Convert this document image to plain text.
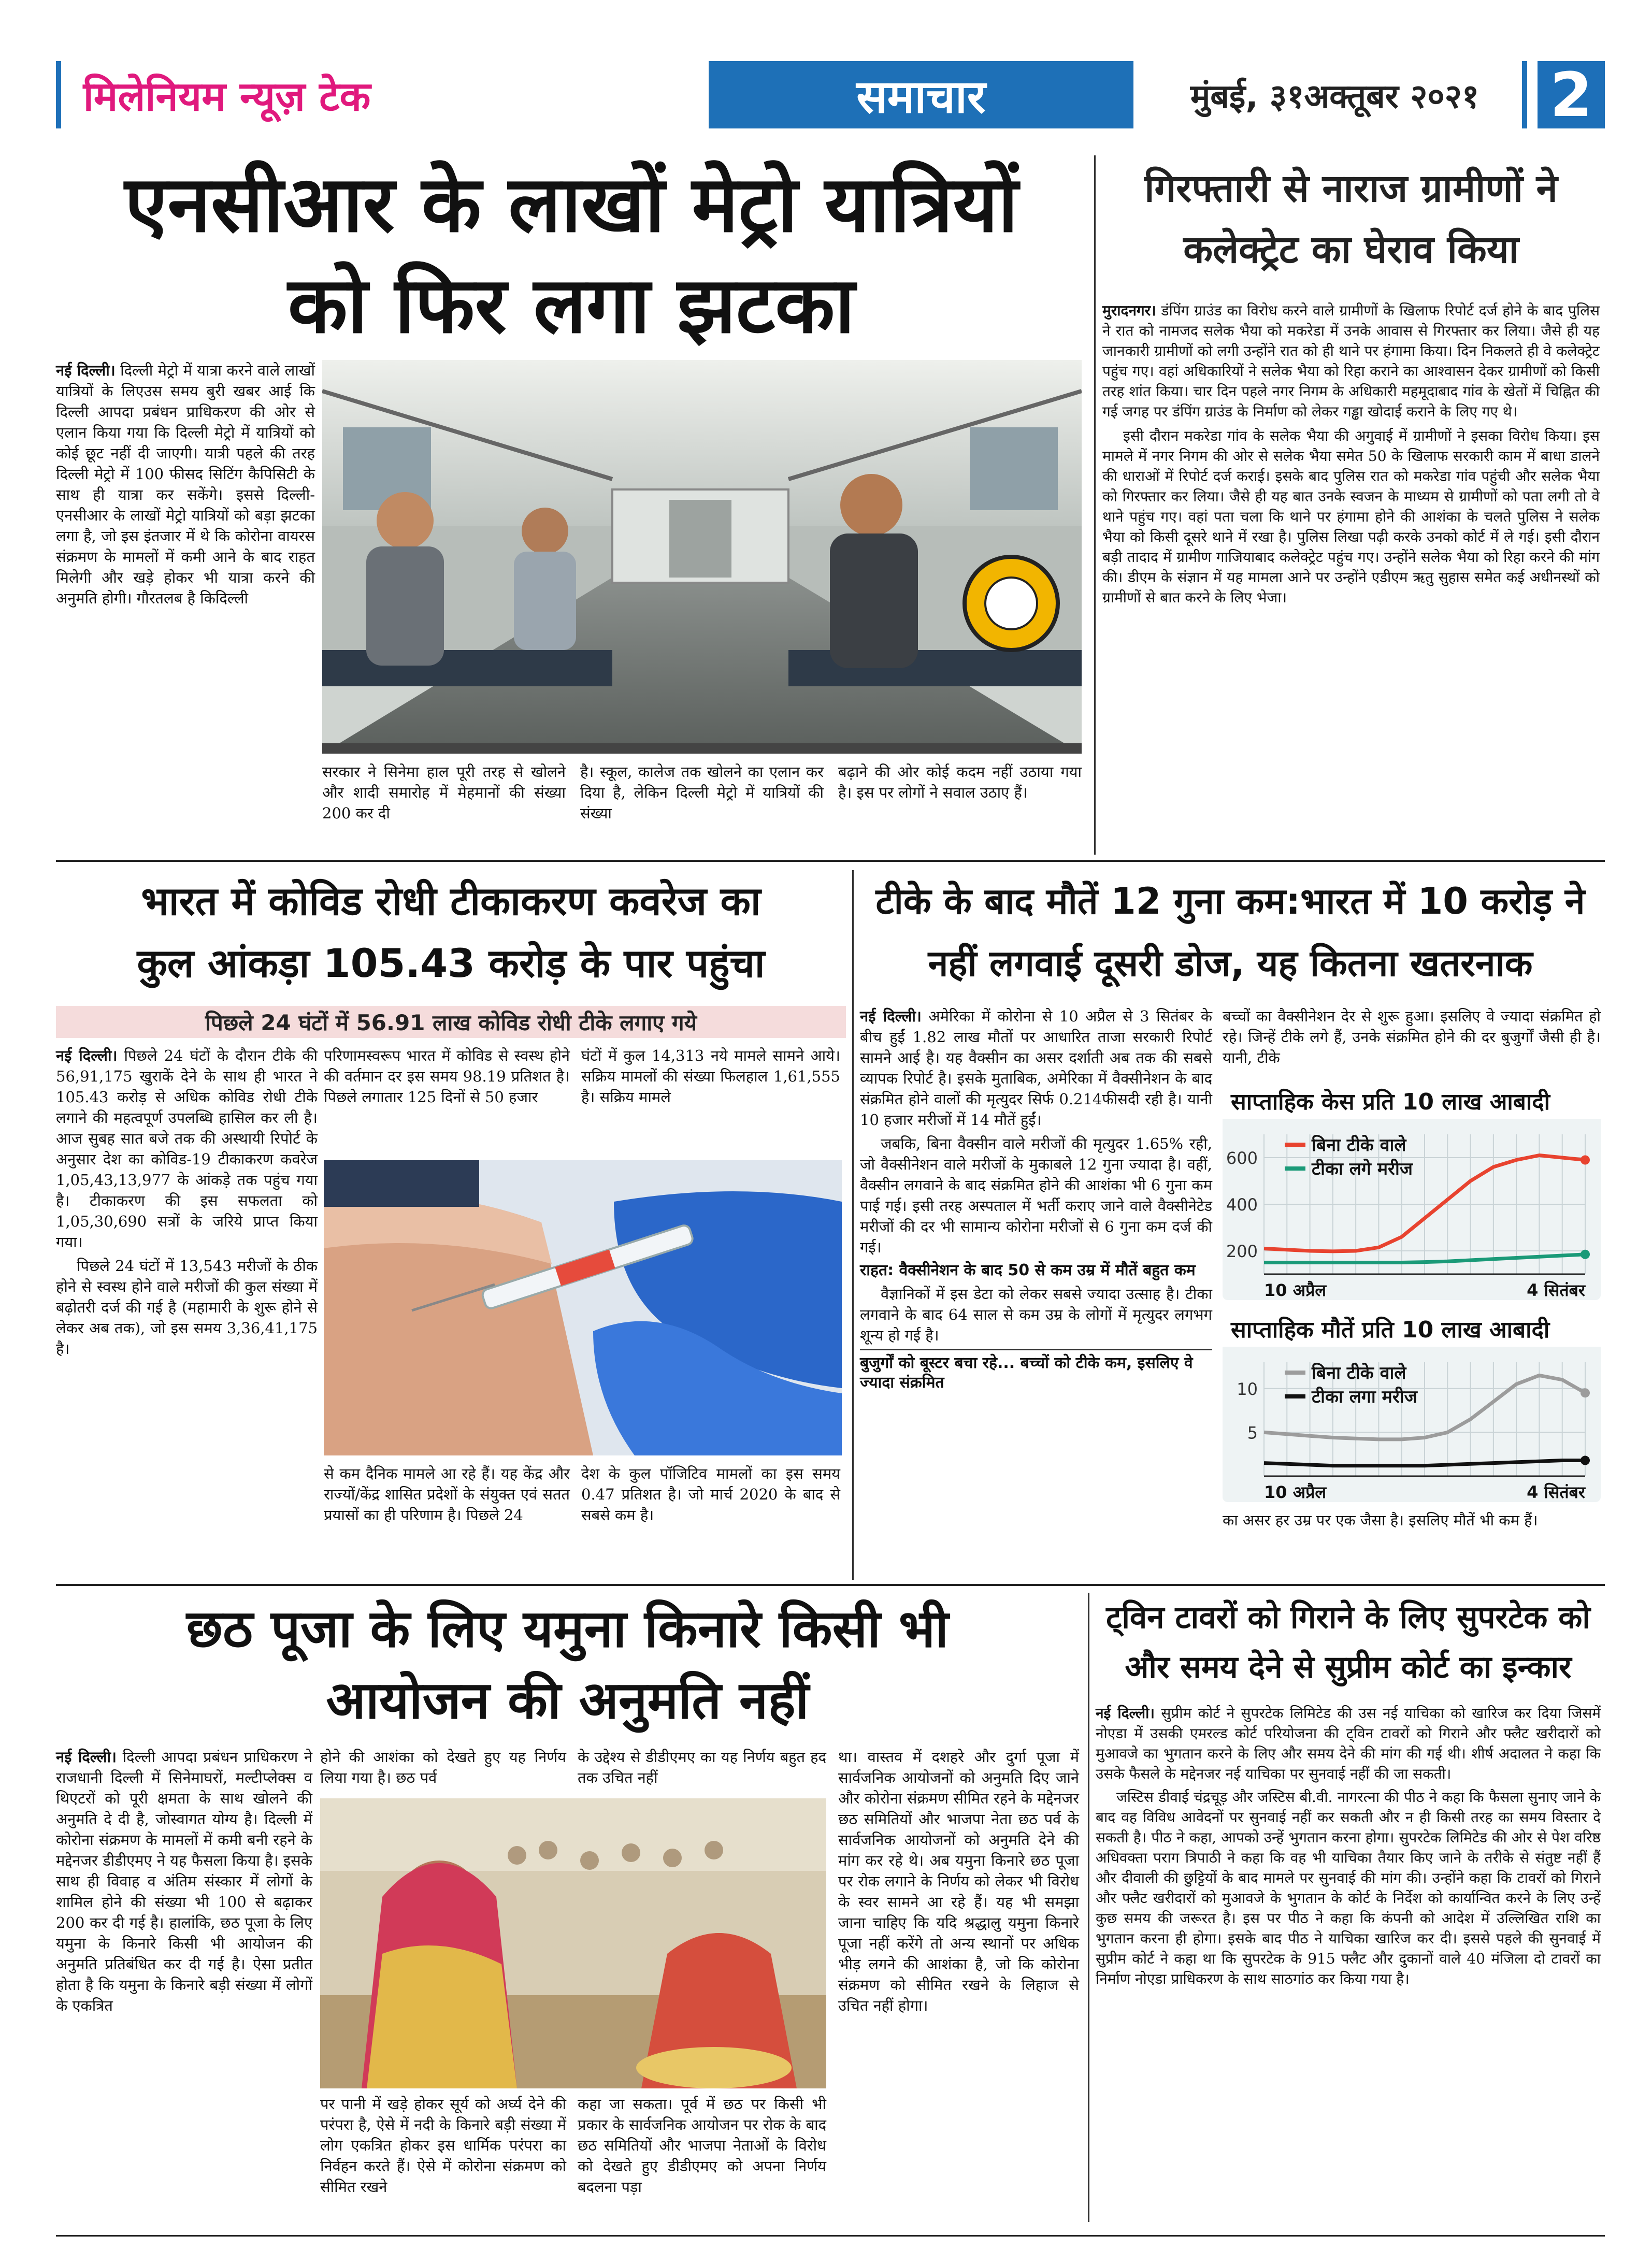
मिलेनियम न्यूज़ टेक	समाचार	मुंबई, ३१अक्तूबर २०२१ 2
एनसीआर के लाखों मेट्रो यात्रियों
को फिर लगा झटका
नई दिल्ली। दिल्ली मेट्रो में यात्रा करने वाले लाखों यात्रियों के लिएउस समय बुरी खबर आई कि दिल्ली आपदा प्रबंधन प्राधिकरण की ओर से एलान किया गया कि दिल्ली मेट्रो में यात्रियों को कोई छूट नहीं दी जाएगी। यात्री पहले की तरह दिल्ली मेट्रो में 100 फीसद सिटिंग कैपिसिटी के साथ ही यात्रा कर सकेंगे। इससे दिल्ली-एनसीआर के लाखों मेट्रो यात्रियों को बड़ा झटका लगा है, जो इस इंतजार में थे कि कोरोना वायरस संक्रमण के मामलों में कमी आने के बाद राहत मिलेगी और खड़े होकर भी यात्रा करने की अनुमति होगी। गौरतलब है किदिल्ली
सरकार ने सिनेमा हाल पूरी तरह से खोलने और शादी समारोह में मेहमानों की संख्या 200 कर दी
है। स्कूल, कालेज तक खोलने का एलान कर दिया है, लेकिन दिल्ली मेट्रो में यात्रियों की संख्या
बढ़ाने की ओर कोई कदम नहीं उठाया गया है। इस पर लोगों ने सवाल उठाए हैं।
गिरफ्तारी से नाराज ग्रामीणों ने
कलेक्ट्रेट का घेराव किया

मुरादनगर। डंपिंग ग्राउंड का विरोध करने वाले ग्रामीणों के खिलाफ रिपोर्ट दर्ज होने के बाद पुलिस ने रात को नामजद सलेक भैया को मकरेडा में उनके आवास से गिरफ्तार कर लिया। जैसे ही यह जानकारी ग्रामीणों को लगी उन्होंने रात को ही थाने पर हंगामा किया। दिन निकलते ही वे कलेक्ट्रेट पहुंच गए। वहां अधिकारियों ने सलेक भैया को रिहा कराने का आश्वासन देकर ग्रामीणों को किसी तरह शांत किया। चार दिन पहले नगर निगम के अधिकारी महमूदाबाद गांव के खेतों में चिह्नित की गई जगह पर डंपिंग ग्राउंड के निर्माण को लेकर गड्ढा खोदाई कराने के लिए गए थे।

इसी दौरान मकरेडा गांव के सलेक भैया की अगुवाई में ग्रामीणों ने इसका विरोध किया। इस मामले में नगर निगम की ओर से सलेक भैया समेत 50 के खिलाफ सरकारी काम में बाधा डालने की धाराओं में रिपोर्ट दर्ज कराई। इसके बाद पुलिस रात को मकरेडा गांव पहुंची और सलेक भैया को गिरफ्तार कर लिया। जैसे ही यह बात उनके स्वजन के माध्यम से ग्रामीणों को पता लगी तो वे थाने पहुंच गए। वहां पता चला कि थाने पर हंगामा होने की आशंका के चलते पुलिस ने सलेक भैया को किसी दूसरे थाने में रखा है। पुलिस लिखा पढ़ी करके उनको कोर्ट में ले गई। इसी दौरान बड़ी तादाद में ग्रामीण गाजियाबाद कलेक्ट्रेट पहुंच गए। उन्होंने सलेक भैया को रिहा करने की मांग की। डीएम के संज्ञान में यह मामला आने पर उन्होंने एडीएम ऋतु सुहास समेत कई अधीनस्थों को ग्रामीणों से बात करने के लिए भेजा।

भारत में कोविड रोधी टीकाकरण कवरेज का
कुल आंकड़ा 105.43 करोड़ के पार पहुंचा
पिछले 24 घंटों में 56.91 लाख कोविड रोधी टीके लगाए गये

नई दिल्ली। पिछले 24 घंटों के दौरान टीके की 56,91,175 खुराकें देने के साथ ही भारत ने 105.43 करोड़ से अधिक कोविड रोधी टीके लगाने की महत्वपूर्ण उपलब्धि हासिल कर ली है। आज सुबह सात बजे तक की अस्थायी रिपोर्ट के अनुसार देश का कोविड-19 टीकाकरण कवरेज 1,05,43,13,977 के आंकड़े तक पहुंच गया है। टीकाकरण की इस सफलता को 1,05,30,690 सत्रों के जरिये प्राप्त किया गया।

पिछले 24 घंटों में 13,543 मरीजों के ठीक होने से स्वस्थ होने वाले मरीजों की कुल संख्या में बढ़ोतरी दर्ज की गई है (महामारी के शुरू होने से लेकर अब तक), जो इस समय 3,36,41,175 है।

परिणामस्वरूप भारत में कोविड से स्वस्थ होने की वर्तमान दर इस समय 98.19 प्रतिशत है।पिछले लगातार 125 दिनों से 50 हजार
घंटों में कुल 14,313 नये मामले सामने आये।सक्रिय मामलों की संख्या फिलहाल 1,61,555 है। सक्रिय मामले
से कम दैनिक मामले आ रहे हैं। यह केंद्र और राज्यों/केंद्र शासित प्रदेशों के संयुक्त एवं सतत प्रयासों का ही परिणाम है। पिछले 24
देश के कुल पॉजिटिव मामलों का इस समय 0.47 प्रतिशत है। जो मार्च 2020 के बाद से सबसे कम है।
टीके के बाद मौतें 12 गुना कम:भारत में 10 करोड़ ने
नहीं लगवाई दूसरी डोज, यह कितना खतरनाक

नई दिल्ली। अमेरिका में कोरोना से 10 अप्रैल से 3 सितंबर के बीच हुईं 1.82 लाख मौतों पर आधारित ताजा सरकारी रिपोर्ट सामने आई है। यह वैक्सीन का असर दर्शाती अब तक की सबसे व्यापक रिपोर्ट है। इसके मुताबिक, अमेरिका में वैक्सीनेशन के बाद संक्रमित होने वालों की मृत्युदर सिर्फ 0.214फीसदी रही है। यानी 10 हजार मरीजों में 14 मौतें हुईं।

जबकि, बिना वैक्सीन वाले मरीजों की मृत्युदर 1.65% रही, जो वैक्सीनेशन वाले मरीजों के मुकाबले 12 गुना ज्यादा है। वहीं, वैक्सीन लगवाने के बाद संक्रमित होने की आशंका भी 6 गुना कम पाई गई। इसी तरह अस्पताल में भर्ती कराए जाने वाले वैक्सीनेटेड मरीजों की दर भी सामान्य कोरोना मरीजों से 6 गुना कम दर्ज की गई।

राहत: वैक्सीनेशन के बाद 50 से कम उम्र में मौतें बहुत कम

वैज्ञानिकों में इस डेटा को लेकर सबसे ज्यादा उत्साह है। टीका लगवाने के बाद 64 साल से कम उम्र के लोगों में मृत्युदर लगभग शून्य हो गई है।

बुजुर्गों को बूस्टर बचा रहे... बच्चों को टीके कम, इसलिए वे ज्यादा संक्रमित
बच्चों का वैक्सीनेशन देर से शुरू हुआ। इसलिए वे ज्यादा संक्रमित हो रहे। जिन्हें टीके लगे हैं, उनके संक्रमित होने की दर बुजुर्गों जैसी ही है। यानी, टीके
साप्ताहिक केस प्रति 10 लाख आबादी
600
400
200
बिना टीके वाले
टीका लगे मरीज
10 अप्रैल	4 सितंबर
साप्ताहिक मौतें प्रति 10 लाख आबादी
10
5
बिना टीके वाले
टीका लगा मरीज
10 अप्रैल	4 सितंबर
का असर हर उम्र पर एक जैसा है। इसलिए मौतें भी कम हैं।
छठ पूजा के लिए यमुना किनारे किसी भी
आयोजन की अनुमति नहीं
नई दिल्ली। दिल्ली आपदा प्रबंधन प्राधिकरण ने राजधानी दिल्ली में सिनेमाघरों, मल्टीप्लेक्स व थिएटरों को पूरी क्षमता के साथ खोलने की अनुमति दे दी है, जोस्वागत योग्य है। दिल्ली में कोरोना संक्रमण के मामलों में कमी बनी रहने के मद्देनजर डीडीएमए ने यह फैसला किया है। इसके साथ ही विवाह व अंतिम संस्कार में लोगों के शामिल होने की संख्या भी 100 से बढ़ाकर 200 कर दी गई है। हालांकि, छठ पूजा के लिए यमुना के किनारे किसी भी आयोजन की अनुमति प्रतिबंधित कर दी गई है। ऐसा प्रतीत होता है कि यमुना के किनारे बड़ी संख्या में लोगों के एकत्रित
होने की आशंका को देखते हुए यह निर्णय लिया गया है। छठ पर्व
के उद्देश्य से डीडीएमए का यह निर्णय बहुत हद तक उचित नहीं
पर पानी में खड़े होकर सूर्य को अर्घ्य देने की परंपरा है, ऐसे में नदी के किनारे बड़ी संख्या में लोग एकत्रित होकर इस धार्मिक परंपरा का निर्वहन करते हैं। ऐसे में कोरोना संक्रमण को सीमित रखने
कहा जा सकता। पूर्व में छठ पर किसी भी प्रकार के सार्वजनिक आयोजन पर रोक के बाद छठ समितियों और भाजपा नेताओं के विरोध को देखते हुए डीडीएमए को अपना निर्णय बदलना पड़ा
था। वास्तव में दशहरे और दुर्गा पूजा में सार्वजनिक आयोजनों को अनुमति दिए जाने और कोरोना संक्रमण सीमित रहने के मद्देनजर छठ समितियों और भाजपा नेता छठ पर्व के सार्वजनिक आयोजनों को अनुमति देने की मांग कर रहे थे। अब यमुना किनारे छठ पूजा पर रोक लगाने के निर्णय को लेकर भी विरोध के स्वर सामने आ रहे हैं। यह भी समझा जाना चाहिए कि यदि श्रद्धालु यमुना किनारे पूजा नहीं करेंगे तो अन्य स्थानों पर अधिक भीड़ लगने की आशंका है, जो कि कोरोना संक्रमण को सीमित रखने के लिहाज से उचित नहीं होगा।
ट्विन टावरों को गिराने के लिए सुपरटेक को
और समय देने से सुप्रीम कोर्ट का इन्कार

नई दिल्ली। सुप्रीम कोर्ट ने सुपरटेक लिमिटेड की उस नई याचिका को खारिज कर दिया जिसमें नोएडा में उसकी एमरल्ड कोर्ट परियोजना की ट्विन टावरों को गिराने और फ्लैट खरीदारों को मुआवजे का भुगतान करने के लिए और समय देने की मांग की गई थी। शीर्ष अदालत ने कहा कि उसके फैसले के मद्देनजर नई याचिका पर सुनवाई नहीं की जा सकती।

जस्टिस डीवाई चंद्रचूड़ और जस्टिस बी.वी. नागरत्ना की पीठ ने कहा कि फैसला सुनाए जाने के बाद वह विविध आवेदनों पर सुनवाई नहीं कर सकती और न ही किसी तरह का समय विस्तार दे सकती है। पीठ ने कहा, आपको उन्हें भुगतान करना होगा। सुपरटेक लिमिटेड की ओर से पेश वरिष्ठ अधिवक्ता पराग त्रिपाठी ने कहा कि वह भी याचिका तैयार किए जाने के तरीके से संतुष्ट नहीं हैं और दीवाली की छुट्टियों के बाद मामले पर सुनवाई की मांग की। उन्होंने कहा कि टावरों को गिराने और फ्लैट खरीदारों को मुआवजे के भुगतान के कोर्ट के निर्देश को कार्यान्वित करने के लिए उन्हें कुछ समय की जरूरत है। इस पर पीठ ने कहा कि कंपनी को आदेश में उल्लिखित राशि का भुगतान करना ही होगा। इसके बाद पीठ ने याचिका खारिज कर दी। इससे पहले की सुनवाई में सुप्रीम कोर्ट ने कहा था कि सुपरटेक के 915 फ्लैट और दुकानों वाले 40 मंजिला दो टावरों का निर्माण नोएडा प्राधिकरण के साथ साठगांठ कर किया गया है।
